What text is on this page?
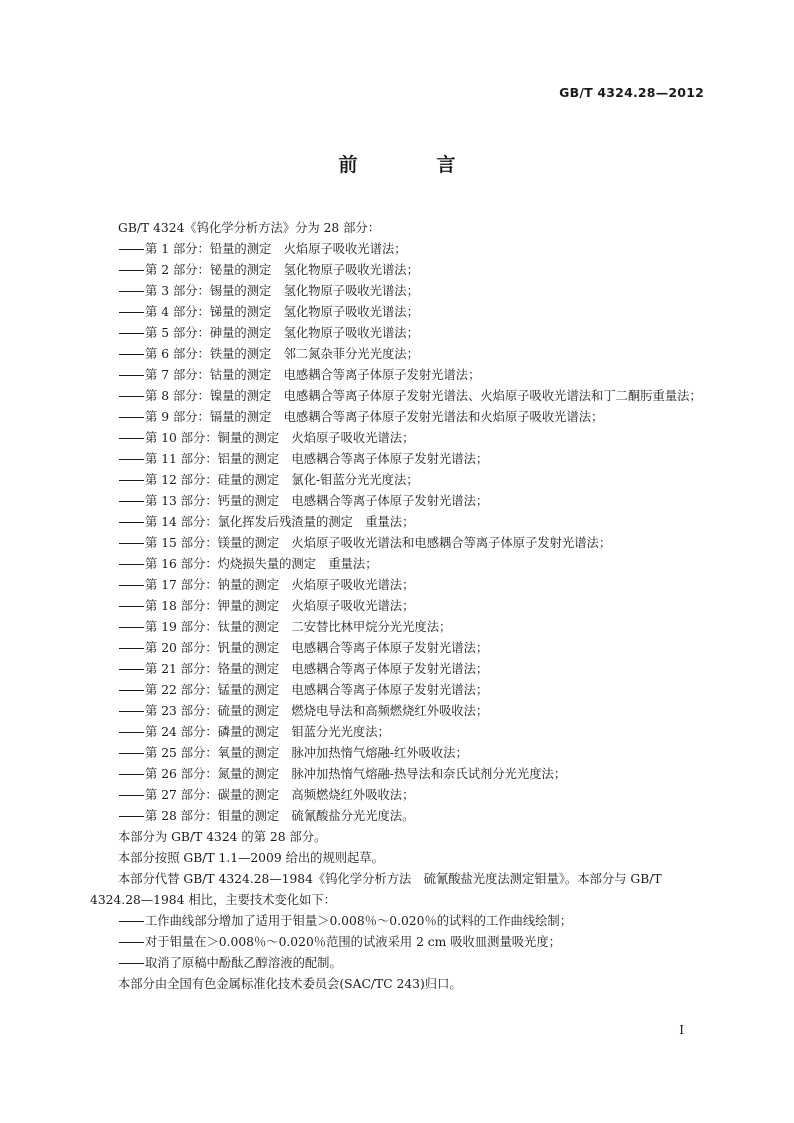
GB/T 4324.28—2012
前　言
GB/T 4324《钨化学分析方法》分为 28 部分：
第 1 部分：铅量的测定　火焰原子吸收光谱法；
第 2 部分：铋量的测定　氢化物原子吸收光谱法；
第 3 部分：锡量的测定　氢化物原子吸收光谱法；
第 4 部分：锑量的测定　氢化物原子吸收光谱法；
第 5 部分：砷量的测定　氢化物原子吸收光谱法；
第 6 部分：铁量的测定　邻二氮杂菲分光光度法；
第 7 部分：钴量的测定　电感耦合等离子体原子发射光谱法；
第 8 部分：镍量的测定　电感耦合等离子体原子发射光谱法、火焰原子吸收光谱法和丁二酮肟重量法；
第 9 部分：镉量的测定　电感耦合等离子体原子发射光谱法和火焰原子吸收光谱法；
第 10 部分：铜量的测定　火焰原子吸收光谱法；
第 11 部分：铝量的测定　电感耦合等离子体原子发射光谱法；
第 12 部分：硅量的测定　氯化-钼蓝分光光度法；
第 13 部分：钙量的测定　电感耦合等离子体原子发射光谱法；
第 14 部分：氯化挥发后残渣量的测定　重量法；
第 15 部分：镁量的测定　火焰原子吸收光谱法和电感耦合等离子体原子发射光谱法；
第 16 部分：灼烧损失量的测定　重量法；
第 17 部分：钠量的测定　火焰原子吸收光谱法；
第 18 部分：钾量的测定　火焰原子吸收光谱法；
第 19 部分：钛量的测定　二安替比林甲烷分光光度法；
第 20 部分：钒量的测定　电感耦合等离子体原子发射光谱法；
第 21 部分：铬量的测定　电感耦合等离子体原子发射光谱法；
第 22 部分：锰量的测定　电感耦合等离子体原子发射光谱法；
第 23 部分：硫量的测定　燃烧电导法和高频燃烧红外吸收法；
第 24 部分：磷量的测定　钼蓝分光光度法；
第 25 部分：氧量的测定　脉冲加热惰气熔融-红外吸收法；
第 26 部分：氮量的测定　脉冲加热惰气熔融-热导法和奈氏试剂分光光度法；
第 27 部分：碳量的测定　高频燃烧红外吸收法；
第 28 部分：钼量的测定　硫氰酸盐分光光度法。
本部分为 GB/T 4324 的第 28 部分。
本部分按照 GB/T 1.1—2009 给出的规则起草。
本部分代替 GB/T 4324.28—1984《钨化学分析方法　硫氰酸盐光度法测定钼量》。本部分与 GB/T 4324.28—1984 相比，主要技术变化如下：
工作曲线部分增加了适用于钼量＞0.008％～0.020％的试料的工作曲线绘制；
对于钼量在＞0.008％～0.020％范围的试液采用 2 cm 吸收皿测量吸光度；
取消了原稿中酚酞乙醇溶液的配制。
本部分由全国有色金属标准化技术委员会(SAC/TC 243)归口。
I
